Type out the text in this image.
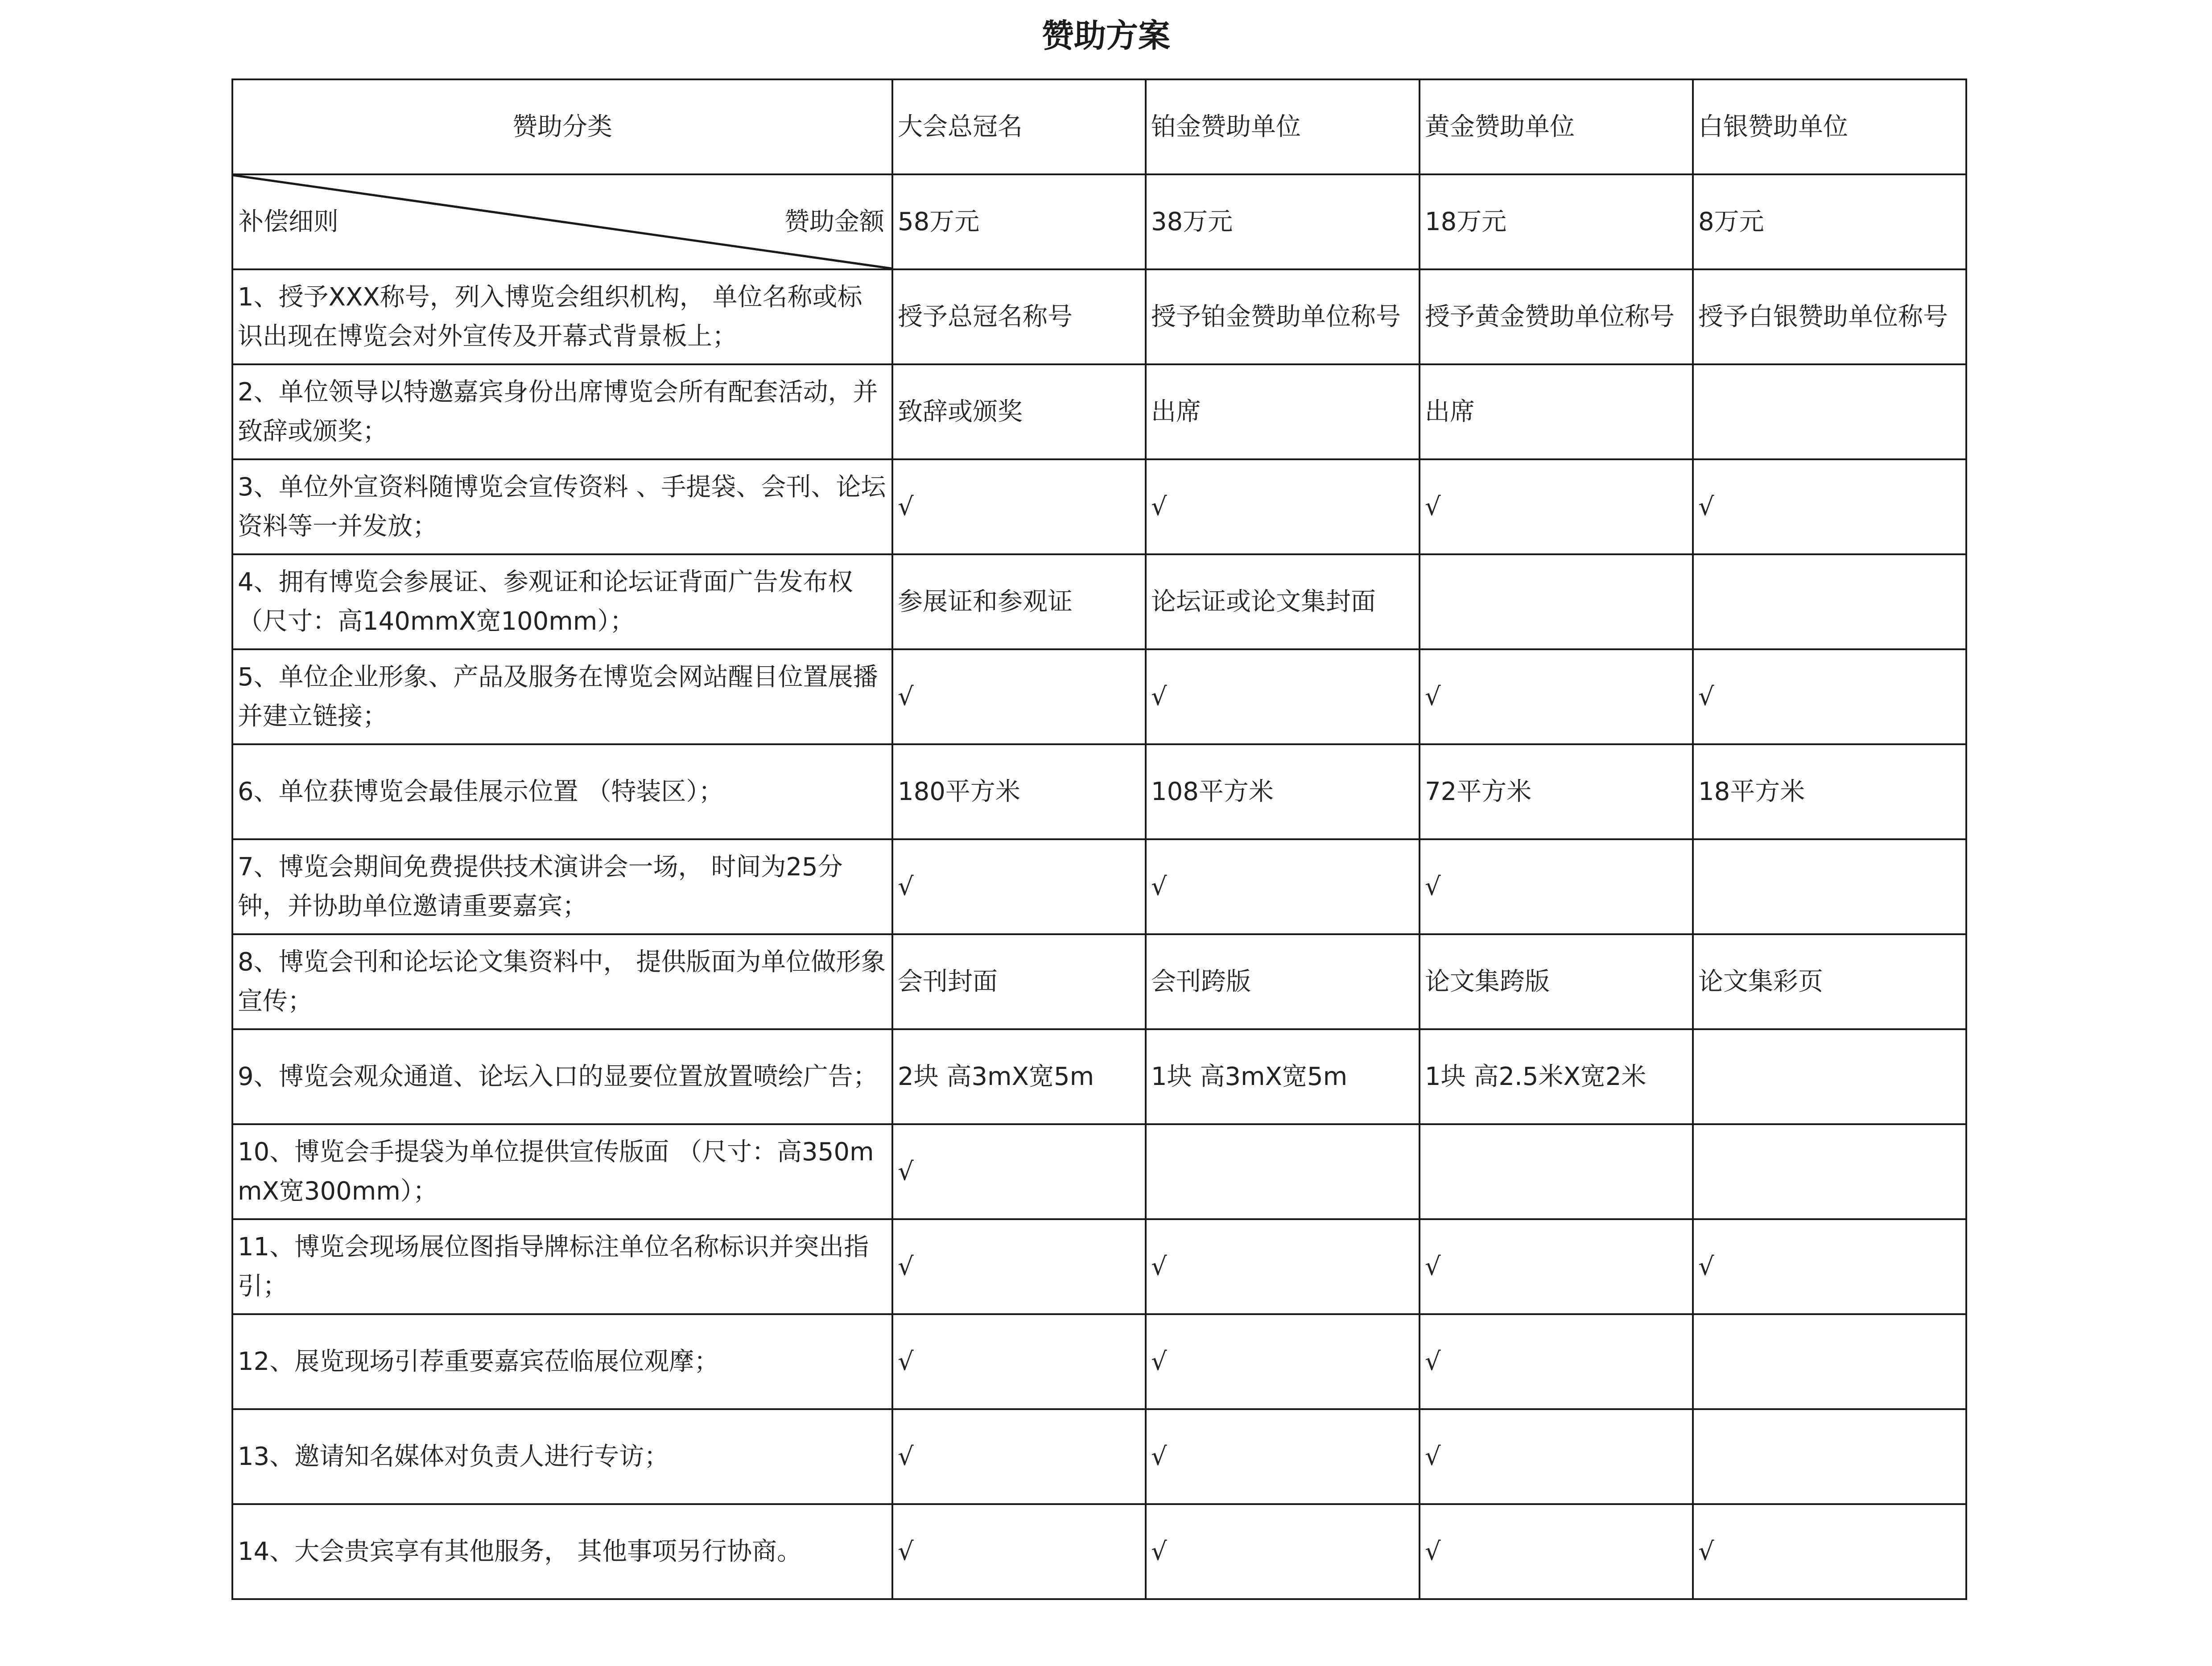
赞助方案
赞助分类	大会总冠名	铂金赞助单位	黄金赞助单位	白银赞助单位

补偿细则 赞助金额	58万元	38万元	18万元	8万元
1、授予XXX称号，列入博览会组织机构， 单位名称或标识出现在博览会对外宣传及开幕式背景板上；	授予总冠名称号	授予铂金赞助单位称号	授予黄金赞助单位称号	授予白银赞助单位称号
2、单位领导以特邀嘉宾身份出席博览会所有配套活动，并致辞或颁奖；	致辞或颁奖	出席	出席	
3、单位外宣资料随博览会宣传资料 、手提袋、会刊、论坛资料等一并发放；	√	√	√	√
4、拥有博览会参展证、参观证和论坛证背面广告发布权（尺寸：高140mmX宽100mm）；	参展证和参观证	论坛证或论文集封面		
5、单位企业形象、产品及服务在博览会网站醒目位置展播并建立链接；	√	√	√	√
6、单位获博览会最佳展示位置 （特装区）；	180平方米	108平方米	72平方米	18平方米
7、博览会期间免费提供技术演讲会一场， 时间为25分钟，并协助单位邀请重要嘉宾；	√	√	√	
8、博览会刊和论坛论文集资料中， 提供版面为单位做形象宣传；	会刊封面	会刊跨版	论文集跨版	论文集彩页
9、博览会观众通道、论坛入口的显要位置放置喷绘广告；	2块 高3mX宽5m	1块 高3mX宽5m	1块 高2.5米X宽2米	
10、博览会手提袋为单位提供宣传版面 （尺寸：高350mmX宽300mm）；	√			
11、博览会现场展位图指导牌标注单位名称标识并突出指引；	√	√	√	√
12、展览现场引荐重要嘉宾莅临展位观摩；	√	√	√	
13、邀请知名媒体对负责人进行专访；	√	√	√	
14、大会贵宾享有其他服务， 其他事项另行协商。	√	√	√	√
